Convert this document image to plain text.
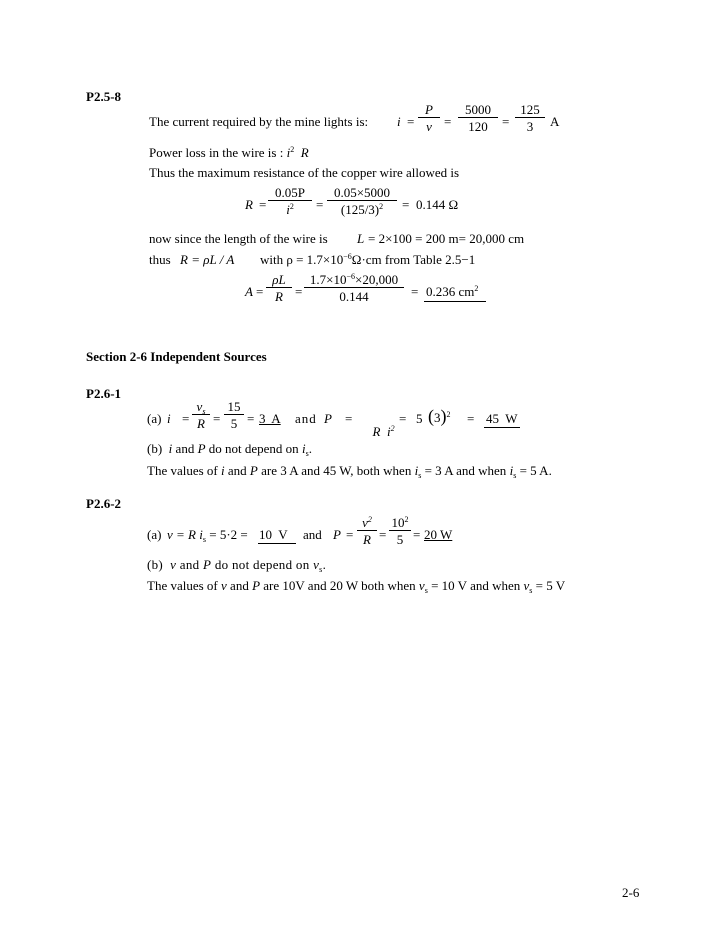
P2.5-8
The current required by the mine lights is: $i = \frac{P}{v} = \frac{5000}{120} = \frac{125}{3}$ A
Power loss in the wire is : $i^2$ R
Thus the maximum resistance of the copper wire allowed is
$R = \frac{0.05P}{i^2} = \frac{0.05\times 5000}{(125/3)^2} = 0.144$ Ω
now since the length of the wire is L = 2×100 = 200 m= 20,000 cm
thus R = ρL / A with $\rho = 1.7\times 10^{-6}\Omega\cdot cm$ from Table 2.5−1
$A = \frac{\rho L}{R} = \frac{1.7\times 10^{-6}\times 20,000}{0.144} = 0.236$ $cm^2$
Section 2-6 Independent Sources
P2.6-1
(a) $i = \frac{v_s}{R} = \frac{15}{5} = 3$  A and P =

R  $i^2$

= 5 $(3)^2 = 45$  W
(b) i and P do not depend on $i_s$.
The values of i and P are 3 A and 45 W, both when $i_s = 3$ A and when $i_s = 5$ A.
P2.6-2
(a) v = R $i_s = 5\cdot 2 = 10$  V and $P = \frac{v^2}{R} = \frac{10^2}{5} = 20$ W
(b) v and P do not depend on $v_s$.
The values of v and P are 10V and 20 W both when $v_s = 10$ V and when $v_s = 5$ V
2-6
